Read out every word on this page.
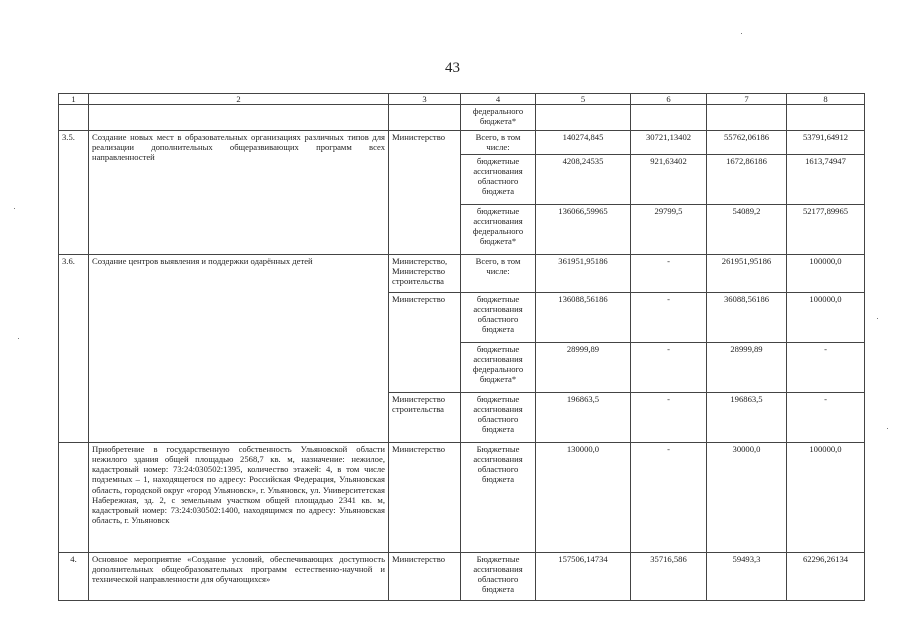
43
1	2	3	4	5	6	7	8
			федерального бюджета*				
3.5.	Создание новых мест в образовательных организациях различных типов для реализации дополнительных общеразвивающих программ всех направленностей	Министерство	Всего, в том числе:	140274,845	30721,13402	55762,06186	53791,64912
			бюджетные ассигнования областного бюджета	4208,24535	921,63402	1672,86186	1613,74947
			бюджетные ассигнования федерального бюджета*	136066,59965	29799,5	54089,2	52177,89965
3.6.	Создание центров выявления и поддержки одарённых детей	Министерство, Министерство строительства	Всего, в том числе:	361951,95186	-	261951,95186	100000,0
		Министерство	бюджетные ассигнования областного бюджета	136088,56186	-	36088,56186	100000,0
			бюджетные ассигнования федерального бюджета*	28999,89	-	28999,89	-
		Министерство строительства	бюджетные ассигнования областного бюджета	196863,5	-	196863,5	-
	Приобретение в государственную собственность Ульяновской области нежилого здания общей площадью 2568,7 кв. м, назначение: нежилое, кадастровый номер: 73:24:030502:1395, количество этажей: 4, в том числе подземных – 1, находящегося по адресу: Российская Федерация, Ульяновская область, городской округ «город Ульяновск», г. Ульяновск, ул. Университетская Набережная, зд. 2, с земельным участком общей площадью 2341 кв. м, кадастровый номер: 73:24:030502:1400, находящимся по адресу: Ульяновская область, г. Ульяновск	Министерство	Бюджетные ассигнования областного бюджета	130000,0	-	30000,0	100000,0
4.	Основное мероприятие «Создание условий, обеспечивающих доступность дополнительных общеобразовательных программ естественно-научной и технической направленности для обучающихся»	Министерство	Бюджетные ассигнования областного бюджета	157506,14734	35716,586	59493,3	62296,26134
